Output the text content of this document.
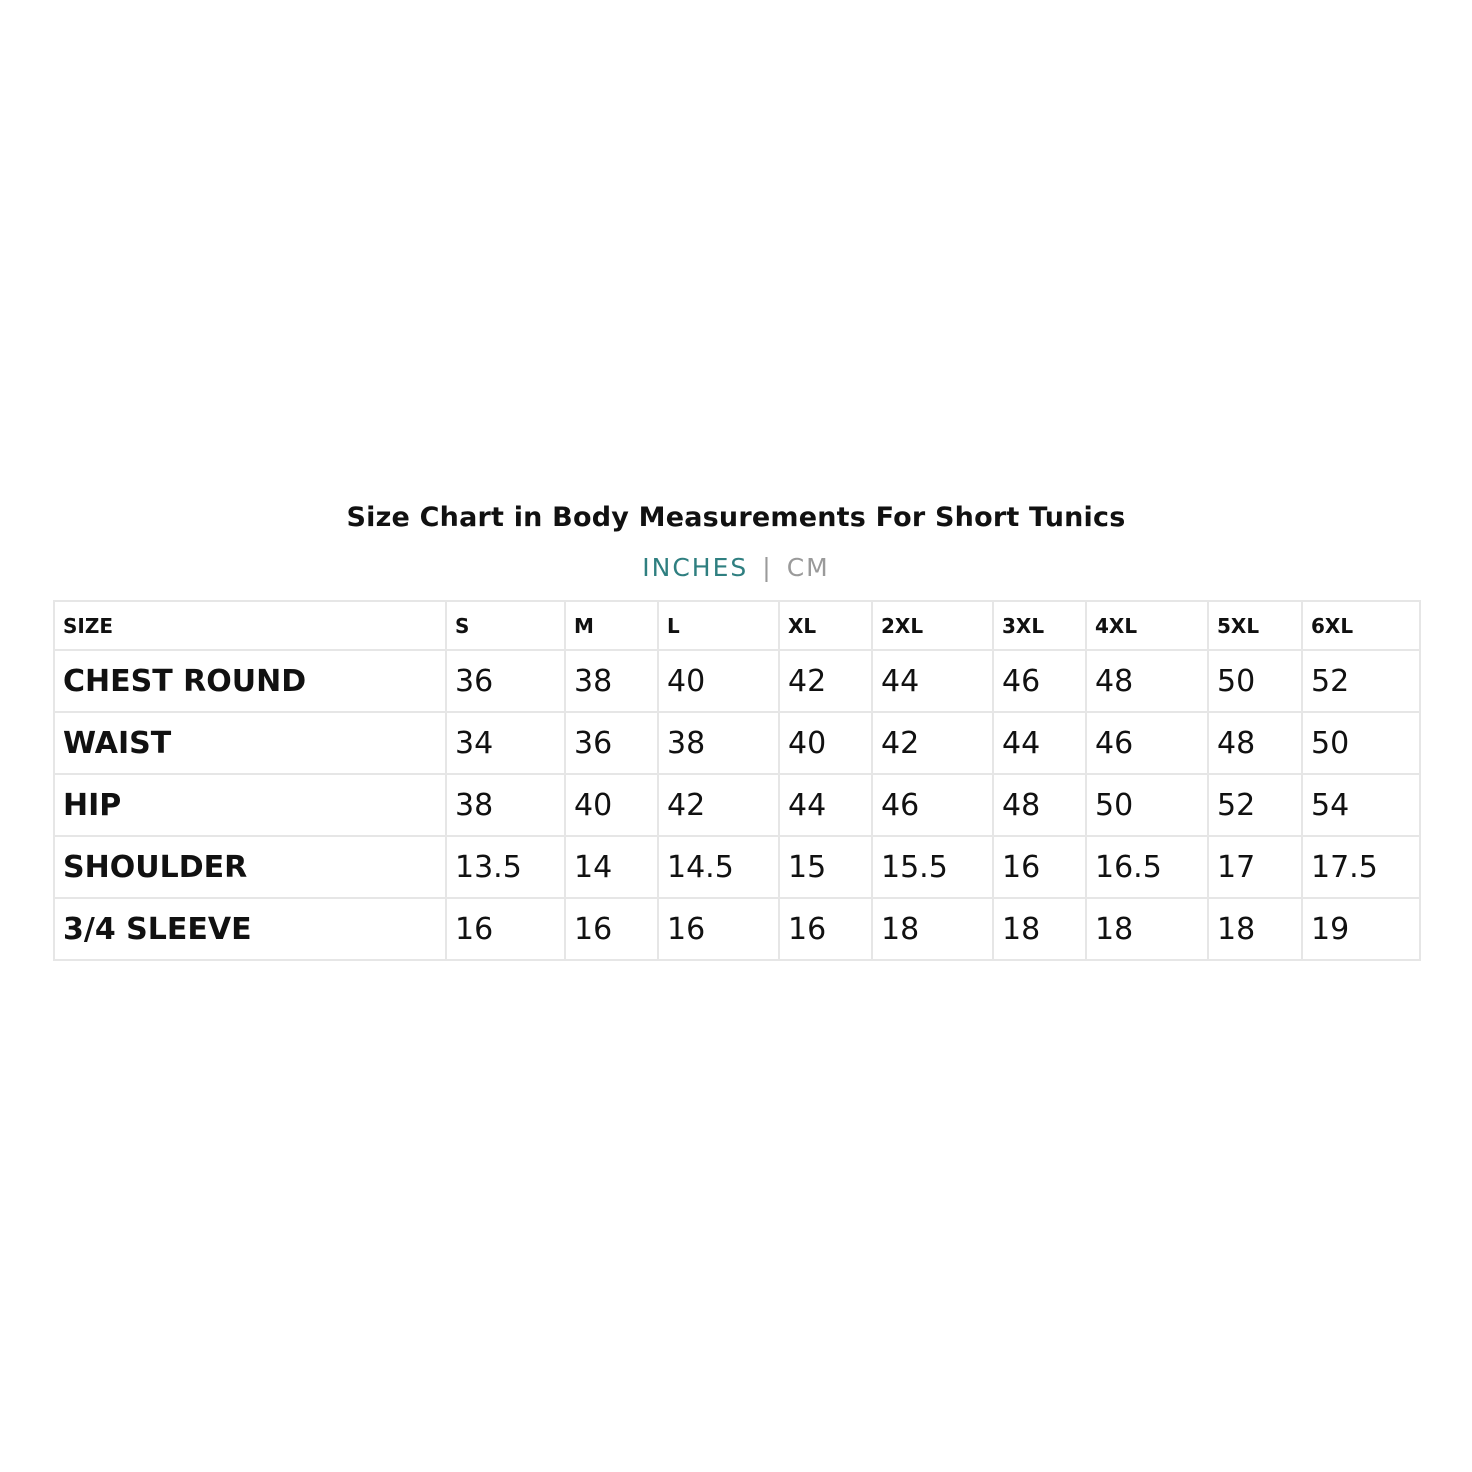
Size Chart in Body Measurements For Short Tunics
INCHES | CM
SIZE	S	M	L	XL	2XL	3XL	4XL	5XL	6XL
CHEST ROUND	36	38	40	42	44	46	48	50	52
WAIST	34	36	38	40	42	44	46	48	50
HIP	38	40	42	44	46	48	50	52	54
SHOULDER	13.5	14	14.5	15	15.5	16	16.5	17	17.5
3/4 SLEEVE	16	16	16	16	18	18	18	18	19
